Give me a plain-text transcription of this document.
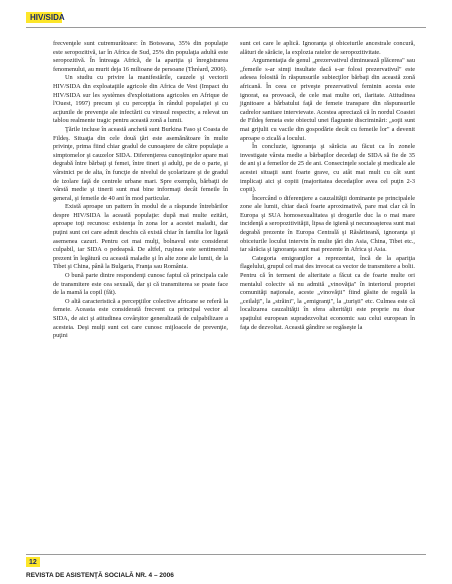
HIV/SIDA

frecvenţele sunt cutremurătoare: în Botswana, 35% din populaţie este seropozitivă, iar în Africa de Sud, 25% din populaţia adultă este seropozitivă. În întreaga Africă, de la apariţia şi înregistrarea fenomenului, au murit deja 16 milioane de persoane (Thréard, 2006).

Un studiu cu privire la manifestările, cauzele şi vectorii HIV/SIDA din exploataţiile agricole din Africa de Vest (Impact du HIV/SIDA sur les systèmes d'exploitations agricoles en Afrique de l'Ouest, 1997) precum şi cu percepţia în rândul populaţiei şi cu acţiunile de prevenţie ale infectării cu virusul respectiv, a relevat un tablou realmente tragic pentru această zonă a lumii.

Ţările incluse în această anchetă sunt Burkina Faso şi Coasta de Fildeş. Situaţia din cele două ţări este asemănătoare în multe privinţe, prima fiind chiar gradul de cunoaştere de către populaţie a simptomelor şi cauzelor SIDA. Diferenţierea cunoştinţelor apare mai degrabă între bărbaţi şi femei, între tineri şi adulţi, pe de o parte, şi vârstnici pe de alta, în funcţie de nivelul de şcolarizare şi de gradul de izolare faţă de centrele urbane mari. Spre exemplu, bărbaţii de vârstă medie şi tinerii sunt mai bine informaţi decât femeile în general, şi femeile de 40 ani în mod particular.

Există aproape un pattern în modul de a răspunde întrebărilor despre HIV/SIDA la această populaţie: după mai multe ezitări, aproape toţi recunosc existenţa în zona lor a acestei maladii, dar puţini sunt cei care admit deschis că există chiar în familia lor ligată asemenea cazuri. Pentru cei mai mulţi, bolnavul este considerat culpabil, iar SIDA o pedeapsă. De altfel, ruşinea este sentimentul prezent în legătură cu această maladie şi în alte zone ale lumii, de la Tibet şi China, până la Bulgaria, Franţa sau România.

O bună parte dintre respondenţi cunosc faptul că principala cale de transmitere este cea sexuală, dar şi că transmiterea se poate face de la mamă la copil (făt).

O altă caracteristică a percepţiilor colective africane se referă la femeie. Aceasta este considerată frecvent ca principal vector al SIDA, de aici şi atitudinea covârşitor generalizată de culpabilizare a acesteia. Deşi mulţi sunt cei care cunosc mijloacele de prevenţie, puţini

sunt cei care le aplică. Ignoranţa şi obiceiurile ancestrale concură, alături de sărăcie, la explozia ratelor de seropozitivitate.

Argumentaţia de genul „prezervativul diminuează plăcerea" sau „femeile s-ar simţi insultate dacă s-ar folosi prezervativul" este adesea folosită în răspunsurile subiecţilor bărbaţi din această zonă africană. În ceea ce priveşte prezervativul feminin acesta este ignorat, ea provoacă, de cele mai multe ori, ilaritate. Atitudinea jignitoare a bărbatului faţă de femeie transpare din răspunsurile cadrelor sanitare intervievate. Acestea apreciază că în nordul Coastei de Fildeş femeia este obiectul unei flagrante discriminări: „soţii sunt mai grijulii cu vacile din gospodărie decât cu femeile lor" a devenit aproape o zicală a locului.

În concluzie, ignoranţa şi sărăcia au făcut ca în zonele investigate vârsta medie a bărbaţilor decedaţi de SIDA să fie de 35 de ani şi a femeilor de 25 de ani. Consecinţele sociale şi medicale ale acestei situaţii sunt foarte grave, cu atât mai mult cu cât sunt implicaţi aici şi copiii (majoritatea decedaţilor avea cel puţin 2-3 copii).

Încercând o diferenţiere a cauzalităţii dominante pe principalele zone ale lumii, chiar dacă foarte aproximativă, pare mai clar că în Europa şi SUA homosexualitatea şi drogurile duc la o mai mare incidenţă a seropozitivităţii, lipsa de igienă şi necunoaşterea sunt mai degrabă prezente în Europa Centrală şi Răsăriteană, ignoranţa şi obiceiurile locului intervin în multe ţări din Asia, China, Tibet etc., iar sărăcia şi ignoranţa sunt mai prezente în Africa şi Asia.

Categoria emigranţilor a reprezentat, încă de la apariţia flagelului, grupul cel mai des invocat ca vector de transmitere a bolii. Pentru că în termeni de alteritate a făcut ca de foarte multe ori mentalul colectiv să nu admită „vinovăţia" în interiorul propriei comunităţi naţionale, aceste „vinovăţii" fiind găsite de regulă la „ceilalţi", la „străini", la „emigranţi", la „turişti" etc. Culmea este că localizarea cauzalităţii în sfera alterităţii este proprie nu doar spaţiului european supradezvoltat economic sau celui european în faţa de dezvoltat. Această gândire se regăseşte la

12
REVISTA DE ASISTENŢĂ SOCIALĂ NR. 4 – 2006
